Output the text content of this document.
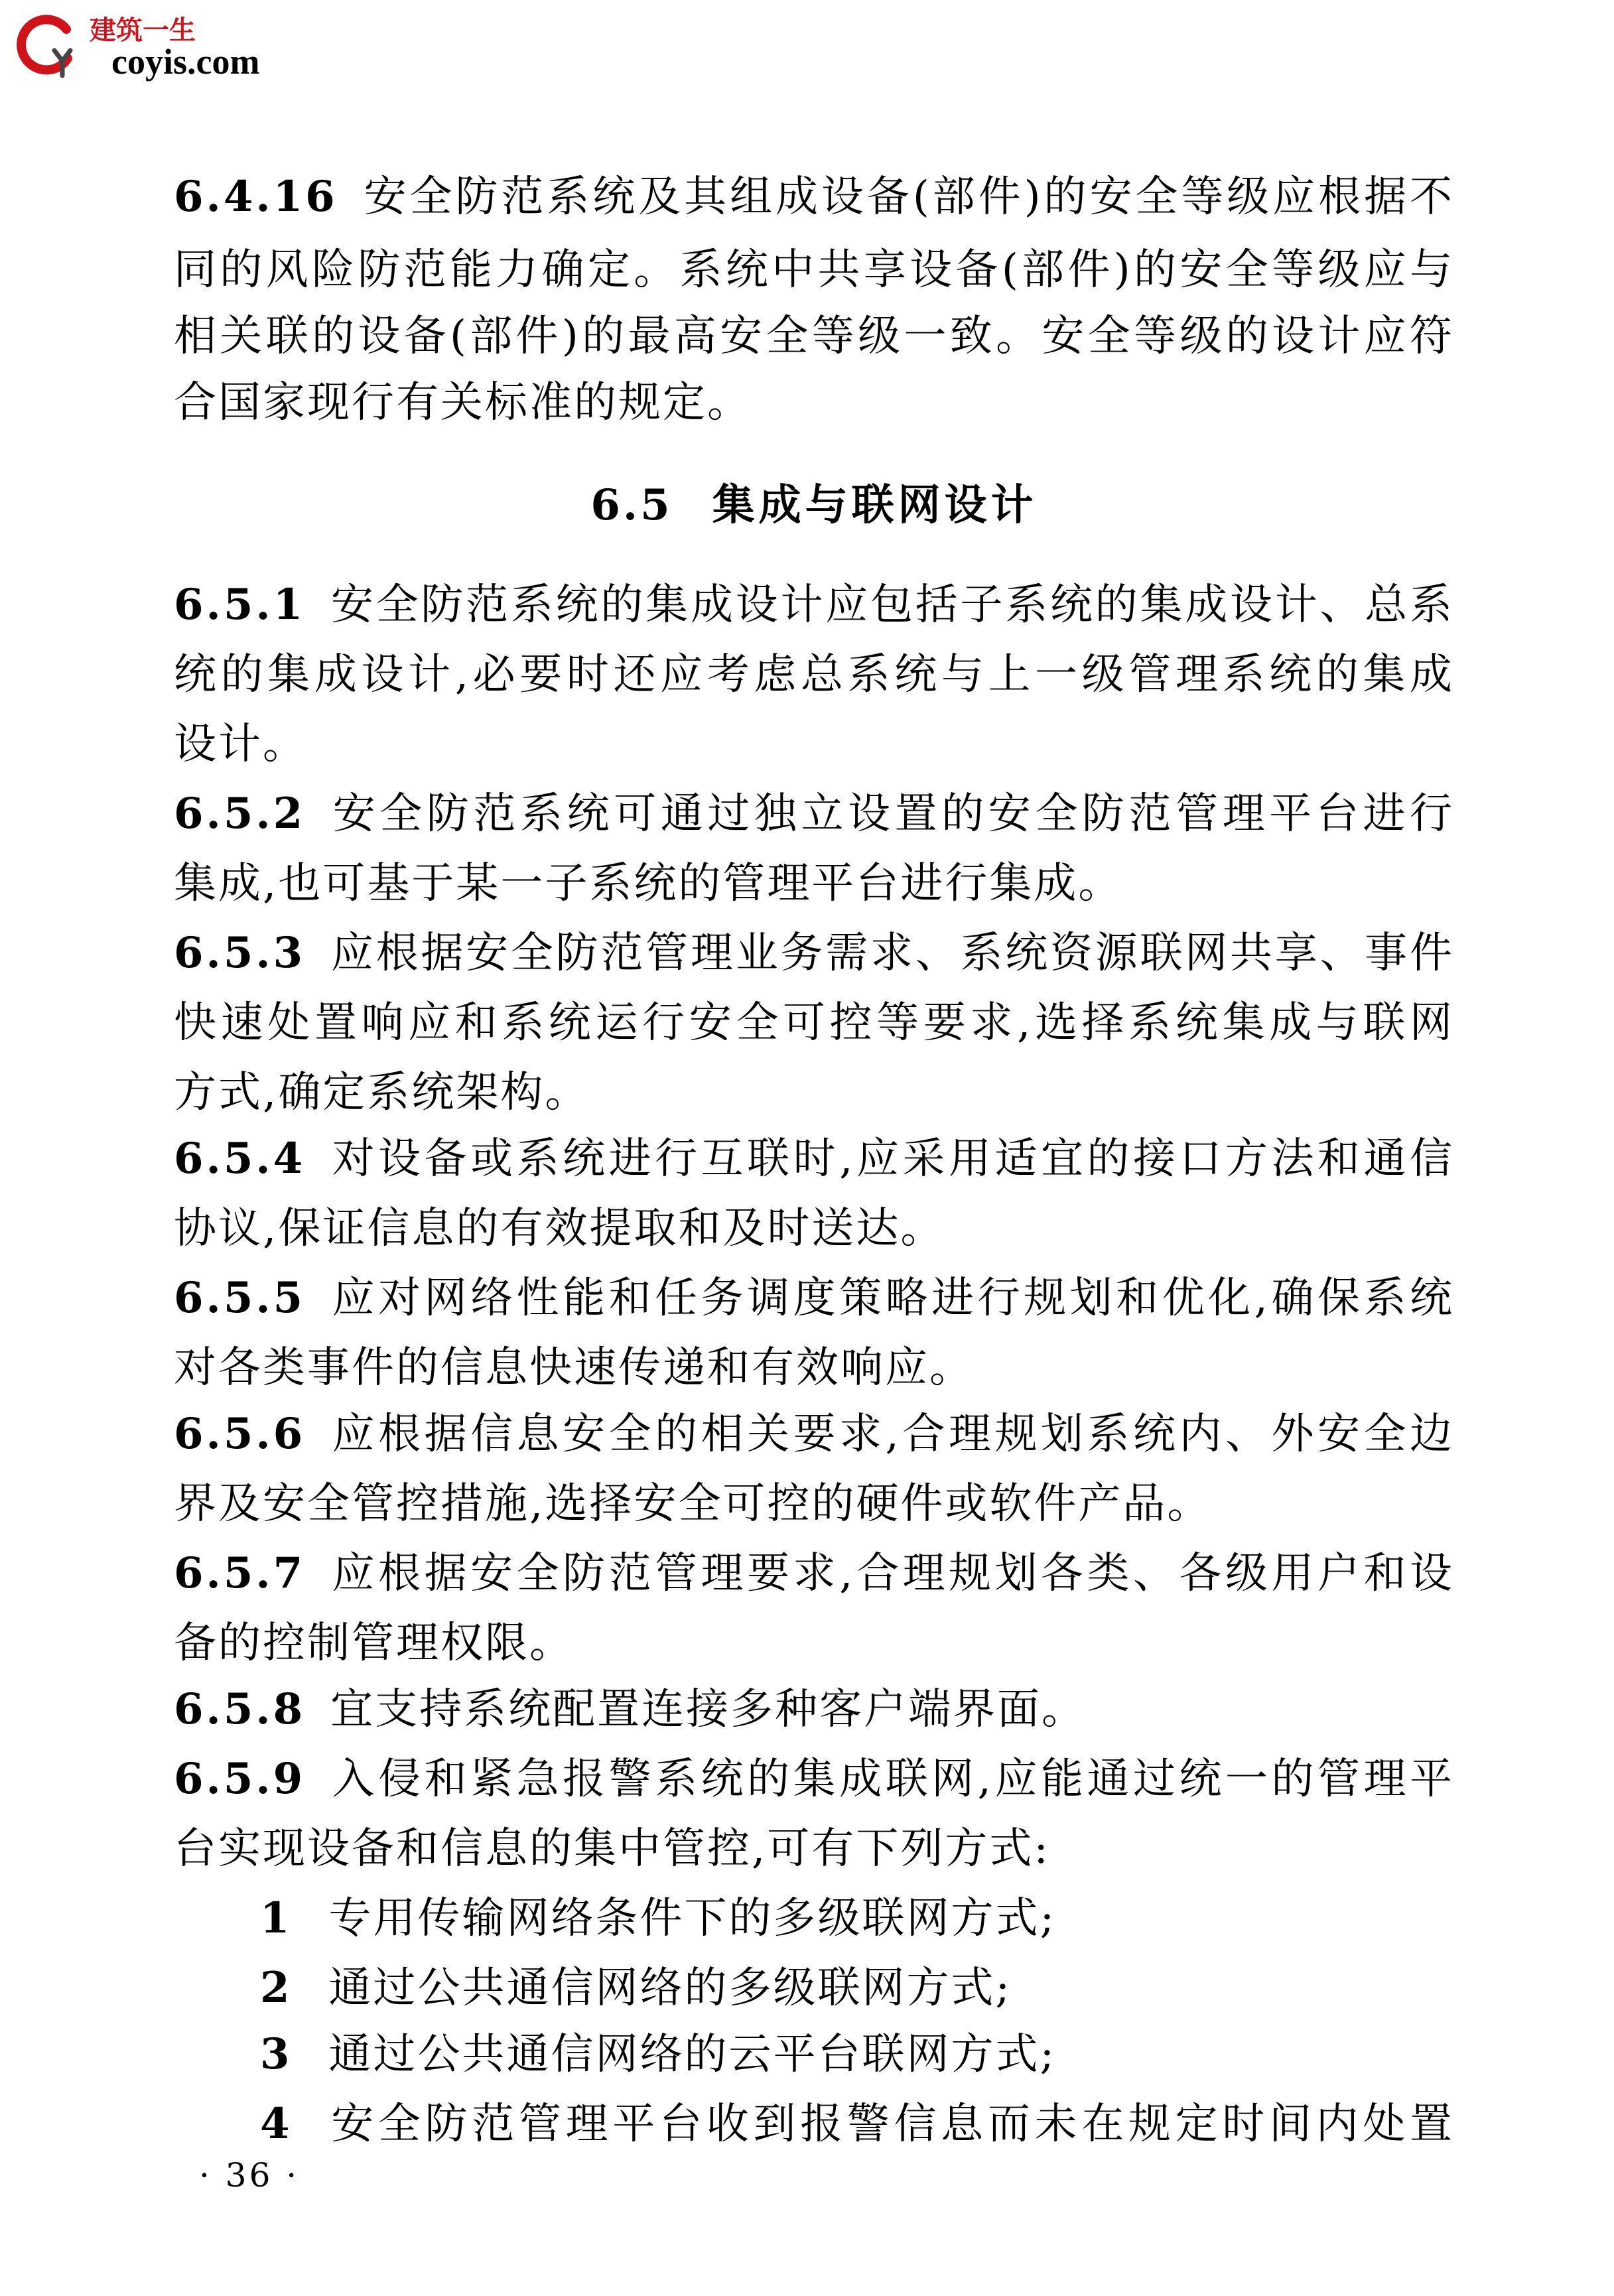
建筑一生
coyis.com
6.4.16 安全防范系统及其组成设备(部件)的安全等级应根据不
同的风险防范能力确定。系统中共享设备(部件)的安全等级应与
相关联的设备(部件)的最高安全等级一致。安全等级的设计应符
合国家现行有关标准的规定。
6.5 集成与联网设计
6.5.1 安全防范系统的集成设计应包括子系统的集成设计、总系
统的集成设计,必要时还应考虑总系统与上一级管理系统的集成
设计。
6.5.2 安全防范系统可通过独立设置的安全防范管理平台进行
集成,也可基于某一子系统的管理平台进行集成。
6.5.3 应根据安全防范管理业务需求、系统资源联网共享、事件
快速处置响应和系统运行安全可控等要求,选择系统集成与联网
方式,确定系统架构。
6.5.4 对设备或系统进行互联时,应采用适宜的接口方法和通信
协议,保证信息的有效提取和及时送达。
6.5.5 应对网络性能和任务调度策略进行规划和优化,确保系统
对各类事件的信息快速传递和有效响应。
6.5.6 应根据信息安全的相关要求,合理规划系统内、外安全边
界及安全管控措施,选择安全可控的硬件或软件产品。
6.5.7 应根据安全防范管理要求,合理规划各类、各级用户和设
备的控制管理权限。
6.5.8 宜支持系统配置连接多种客户端界面。
6.5.9 入侵和紧急报警系统的集成联网,应能通过统一的管理平
台实现设备和信息的集中管控,可有下列方式:
1 专用传输网络条件下的多级联网方式;
2 通过公共通信网络的多级联网方式;
3 通过公共通信网络的云平台联网方式;
4 安全防范管理平台收到报警信息而未在规定时间内处置
· 36 ·
